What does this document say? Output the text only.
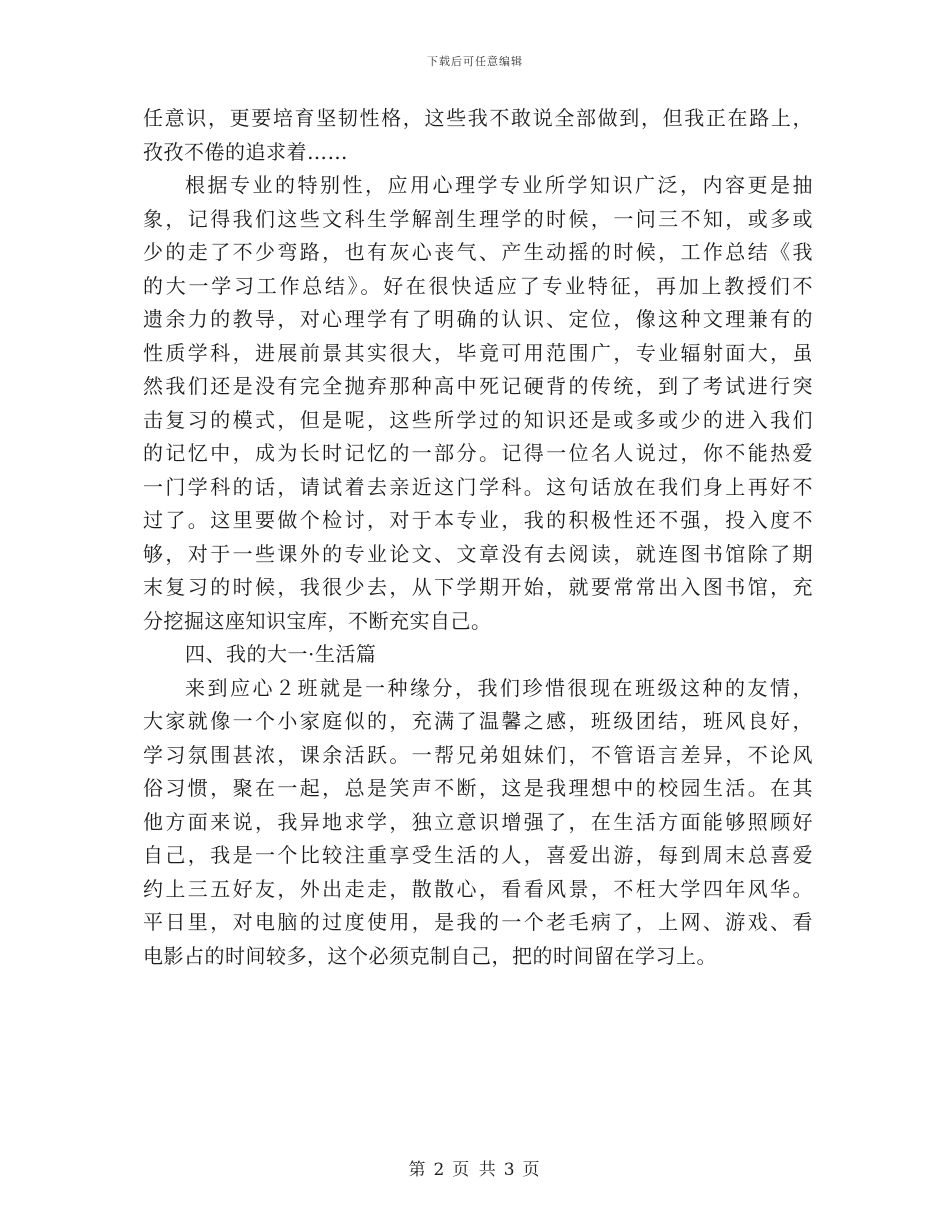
下载后可任意编辑
任意识，更要培育坚韧性格，这些我不敢说全部做到，但我正在路上，
孜孜不倦的追求着……
根据专业的特别性，应用心理学专业所学知识广泛，内容更是抽
象，记得我们这些文科生学解剖生理学的时候，一问三不知，或多或
少的走了不少弯路，也有灰心丧气、产生动摇的时候，工作总结《我
的大一学习工作总结》。好在很快适应了专业特征，再加上教授们不
遗余力的教导，对心理学有了明确的认识、定位，像这种文理兼有的
性质学科，进展前景其实很大，毕竟可用范围广，专业辐射面大，虽
然我们还是没有完全抛弃那种高中死记硬背的传统，到了考试进行突
击复习的模式，但是呢，这些所学过的知识还是或多或少的进入我们
的记忆中，成为长时记忆的一部分。记得一位名人说过，你不能热爱
一门学科的话，请试着去亲近这门学科。这句话放在我们身上再好不
过了。这里要做个检讨，对于本专业，我的积极性还不强，投入度不
够，对于一些课外的专业论文、文章没有去阅读，就连图书馆除了期
末复习的时候，我很少去，从下学期开始，就要常常出入图书馆，充
分挖掘这座知识宝库，不断充实自己。
四、我的大一·生活篇
来到应心２班就是一种缘分，我们珍惜很现在班级这种的友情，
大家就像一个小家庭似的，充满了温馨之感，班级团结，班风良好，
学习氛围甚浓，课余活跃。一帮兄弟姐妹们，不管语言差异，不论风
俗习惯，聚在一起，总是笑声不断，这是我理想中的校园生活。在其
他方面来说，我异地求学，独立意识增强了，在生活方面能够照顾好
自己，我是一个比较注重享受生活的人，喜爱出游，每到周末总喜爱
约上三五好友，外出走走，散散心，看看风景，不枉大学四年风华。
平日里，对电脑的过度使用，是我的一个老毛病了，上网、游戏、看
电影占的时间较多，这个必须克制自己，把的时间留在学习上。
第 2 页 共 3 页
